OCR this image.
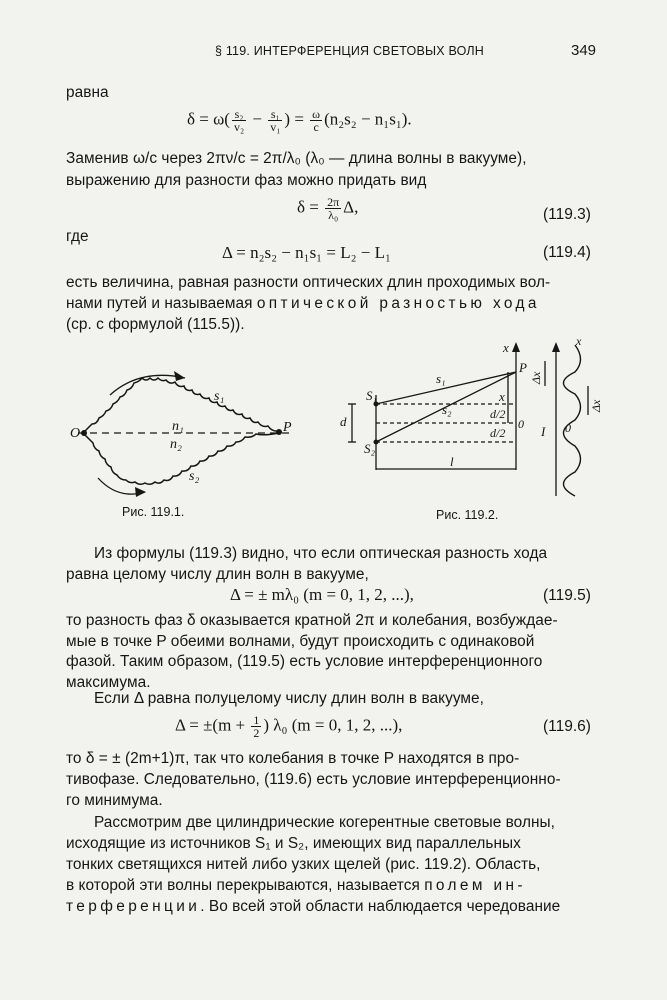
§ 119. ИНТЕРФЕРЕНЦИЯ СВЕТОВЫХ ВОЛН	349
равна
$\delta = \omega( \frac{\text{s₂}}{\text{v₂}} - \frac{\text{s₁}}{\text{v₁}}$ ) = $\frac{\omega}{c} (n_2s_2 - n_1s_1)$.
Заменив ω/c через 2πν/c = 2π/λ₀ (λ₀ — длина волны в вакууме),
выражению для разности фаз можно придать вид
$\delta = \frac{2\pi}{\text{λ₀}} \Delta$,	(119.3)
где
Δ = n₂s₂ − n₁s₁ = L₂ − L₁	(119.4)
есть величина, равная разности оптических длин проходимых вол-
нами путей и называемая оптической разностью хода
(ср. с формулой (115.5)).
O	P
s₁
s₂
n₁
n₂
Рис. 119.1.
x
P
S₁
S₂
s₁
s₂
d	d/2
d/2
0
l
x
Δx
Δx
I 0
x
Рис. 119.2.
Из формулы (119.3) видно, что если оптическая разность хода
равна целому числу длин волн в вакууме,
Δ = ± mλ₀ (m = 0, 1, 2, ...),	(119.5)
то разность фаз δ оказывается кратной 2π и колебания, возбуждае-
мые в точке P обеими волнами, будут происходить с одинаковой
фазой. Таким образом, (119.5) есть условие интерференционного
максимума.
Если Δ равна полуцелому числу длин волн в вакууме,
$\Delta = \pm(m + \frac{1}{2}$ ) λ₀ (m = 0, 1, 2, ...),	(119.6)
то δ = ± (2m+1)π, так что колебания в точке P находятся в про-
тивофазе. Следовательно, (119.6) есть условие интерференционно-
го минимума.
Рассмотрим две цилиндрические когерентные световые волны,
исходящие из источников S₁ и S₂, имеющих вид параллельных
тонких светящихся нитей либо узких щелей (рис. 119.2). Область,
в которой эти волны перекрываются, называется полем ин-
терференции. Во всей этой области наблюдается чередование
